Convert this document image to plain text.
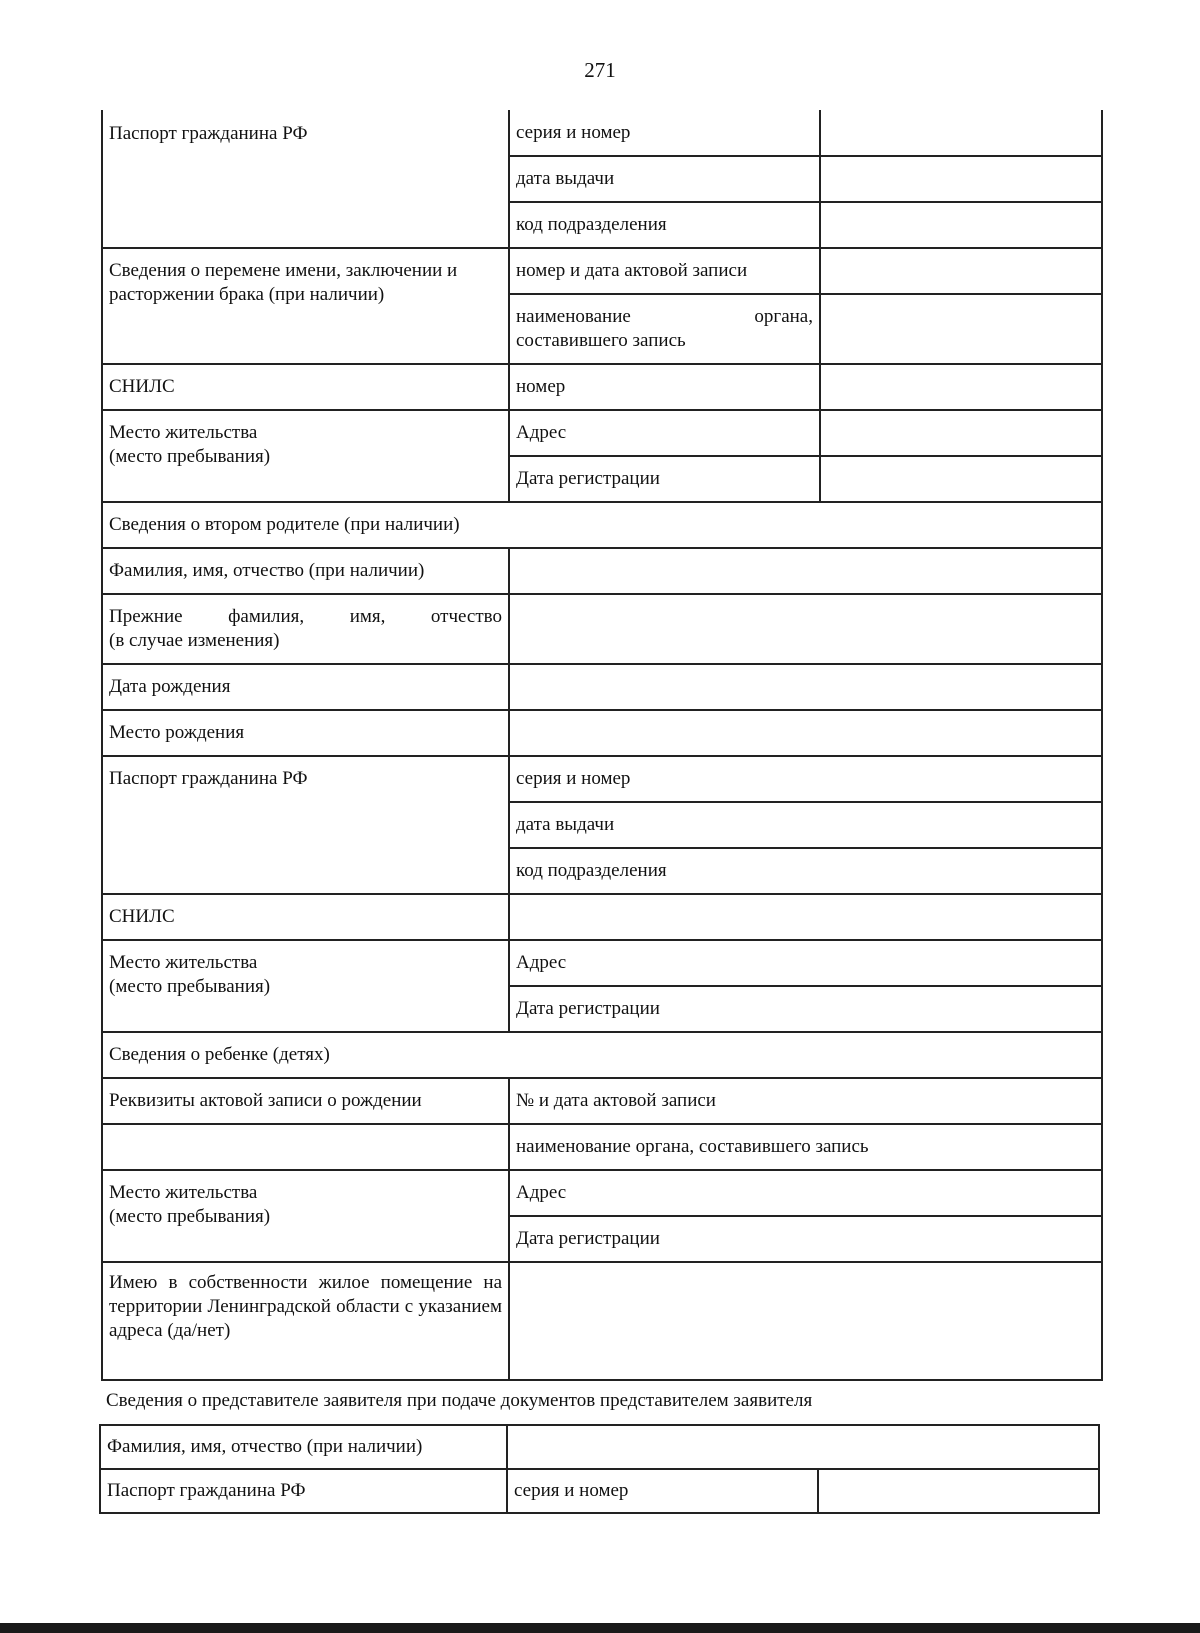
271
Паспорт гражданина РФ	серия и номер	
	дата выдачи	
	код подразделения	
Сведения о перемене имени, заключении и расторжении брака (при наличии)	номер и дата актовой записи	
	наименование органа,
составившего запись	

СНИЛС	номер	
Место жительства
(место пребывания)	Адрес	
	Дата регистрации	
Сведения о втором родителе (при наличии)		
Фамилия, имя, отчество (при наличии)		
Прежние фамилия, имя, отчество
(в случае изменения)		

Дата рождения		
Место рождения		
Паспорт гражданина РФ	серия и номер	
	дата выдачи	
	код подразделения	
СНИЛС		
Место жительства
(место пребывания)	Адрес	
	Дата регистрации	
Сведения о ребенке (детях)		
Реквизиты актовой записи о рождении	№ и дата актовой записи	
	наименование органа, составившего запись	
Место жительства
(место пребывания)	Адрес	
	Дата регистрации	
Имею в собственности жилое помещение на территории Ленинградской области с указанием
адреса (да/нет)		

Сведения о представителе заявителя при подаче документов представителем заявителя
Фамилия, имя, отчество (при наличии)		
Паспорт гражданина РФ	серия и номер	
